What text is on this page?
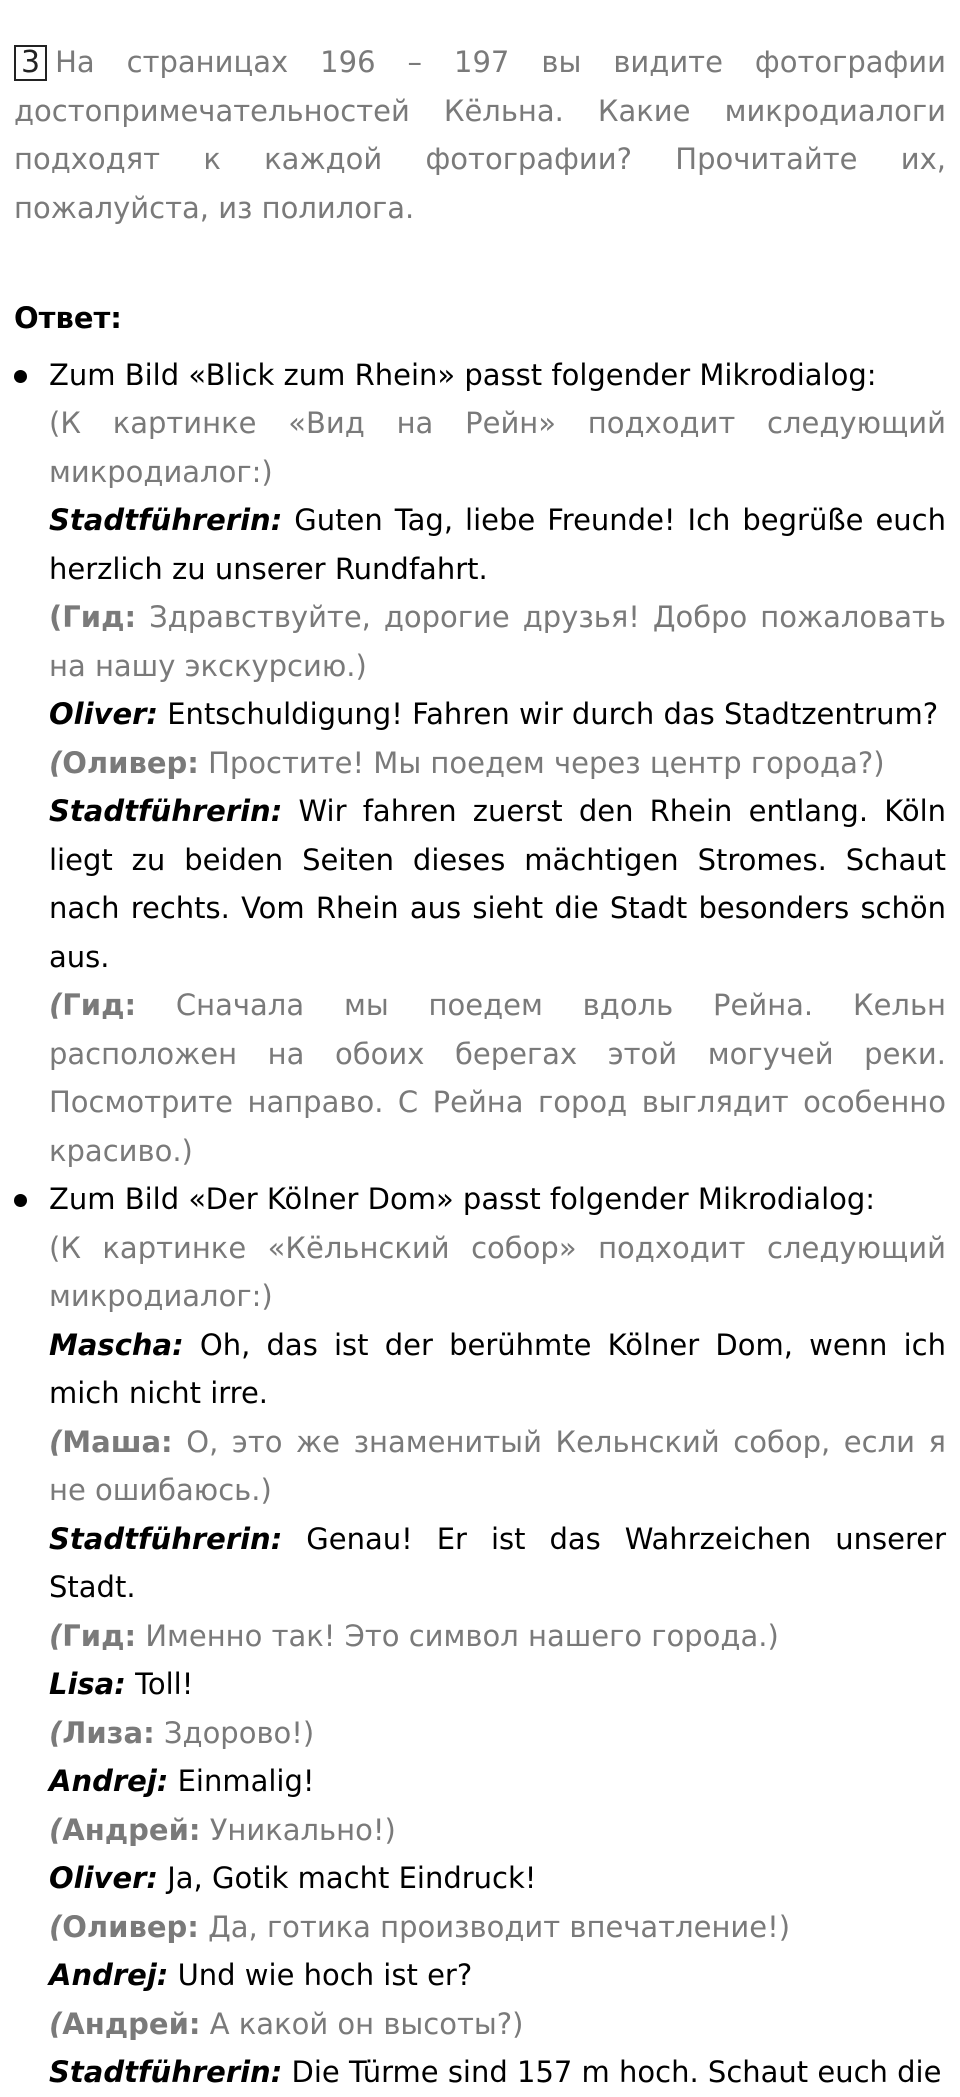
3 На страницах 196 – 197 вы видите фотографии достопримечательностей Кёльна. Какие микродиалоги подходят к каждой фотографии? Прочитайте их, пожалуйста, из полилога.
Ответ:

Zum Bild «Blick zum Rhein» passt folgender Mikrodialog:

(К картинке «Вид на Рейн» подходит следующий микродиалог:)

Stadtführerin: Guten Tag, liebe Freunde! Ich begrüße euch herzlich zu unserer Rundfahrt.

(Гид: Здравствуйте, дорогие друзья! Добро пожаловать на нашу экскурсию.)

Oliver: Entschuldigung! Fahren wir durch das Stadtzentrum?

(Оливер: Простите! Мы поедем через центр города?)

Stadtführerin: Wir fahren zuerst den Rhein entlang. Köln liegt zu beiden Seiten dieses mächtigen Stromes. Schaut nach rechts. Vom Rhein aus sieht die Stadt besonders schön aus.

(Гид: Сначала мы поедем вдоль Рейна. Кельн расположен на обоих берегах этой могучей реки. Посмотрите направо. С Рейна город выглядит особенно красиво.)

Zum Bild «Der Kölner Dom» passt folgender Mikrodialog:

(К картинке «Кёльнский собор» подходит следующий микродиалог:)

Mascha: Oh, das ist der berühmte Kölner Dom, wenn ich mich nicht irre.

(Маша: О, это же знаменитый Кельнский собор, если я не ошибаюсь.)

Stadtführerin: Genau! Er ist das Wahrzeichen unserer Stadt.

(Гид: Именно так! Это символ нашего города.)

Lisa: Toll!

(Лиза: Здорово!)

Andrej: Einmalig!

(Андрей: Уникально!)

Oliver: Ja, Gotik macht Eindruck!

(Оливер: Да, готика производит впечатление!)

Andrej: Und wie hoch ist er?

(Андрей: А какой он высоты?)

Stadtführerin: Die Türme sind 157 m hoch. Schaut euch die
